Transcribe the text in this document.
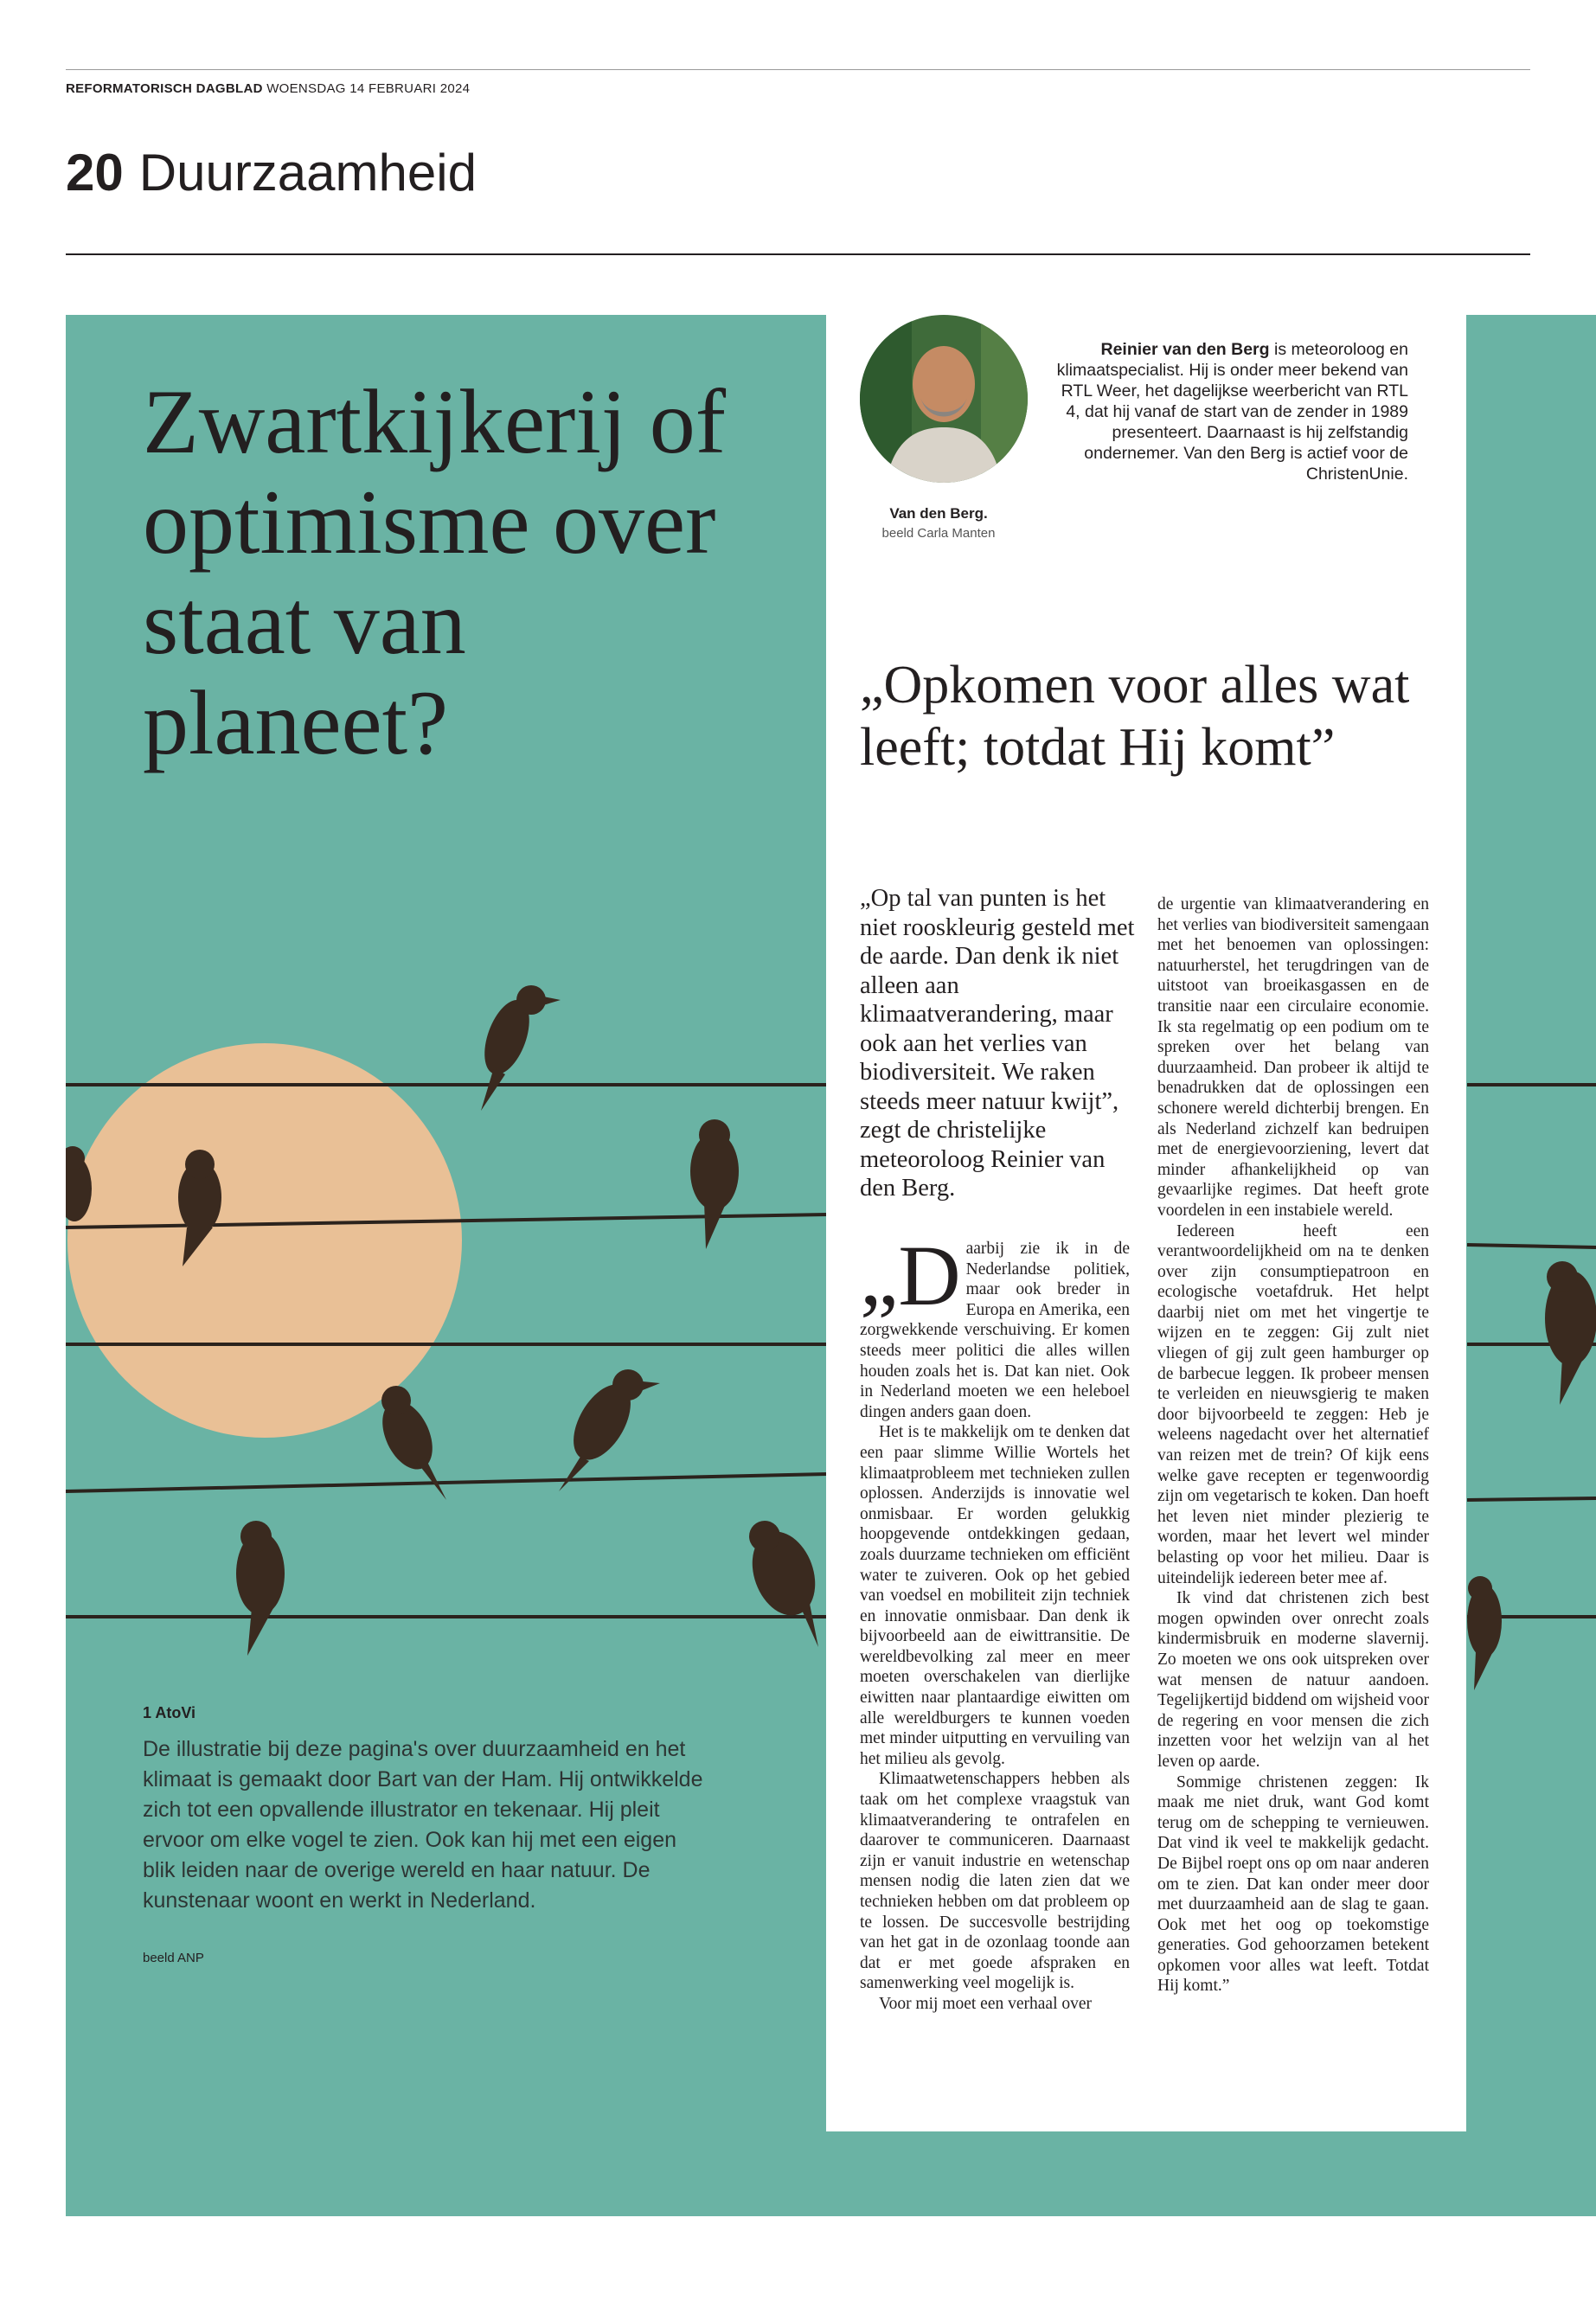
REFORMATORISCH DAGBLAD WOENSDAG 14 FEBRUARI 2024
20 Duurzaamheid
Zwartkijkerij of optimisme over staat van planeet?
1 AtoVi
De illustratie bij deze pagina's over duurzaamheid en het klimaat is gemaakt door Bart van der Ham. Hij ontwikkelde zich tot een opvallende illustrator en tekenaar. Hij pleit ervoor om elke vogel te zien. Ook kan hij met een eigen blik leiden naar de overige wereld en haar natuur. De kunstenaar woont en werkt in Nederland.
beeld ANP
Reinier van den Berg is meteoroloog en klimaatspecialist. Hij is onder meer bekend van RTL Weer, het dagelijkse weerbericht van RTL 4, dat hij vanaf de start van de zender in 1989 presenteert. Daarnaast is hij zelfstandig ondernemer. Van den Berg is actief voor de ChristenUnie.
Van den Berg.
beeld Carla Manten
„Opkomen voor alles wat leeft; totdat Hij komt”
„Op tal van punten is het niet rooskleurig gesteld met de aarde. Dan denk ik niet alleen aan klimaatverandering, maar ook aan het verlies van biodiversiteit. We raken steeds meer natuur kwijt”, zegt de christelijke meteoroloog Reinier van den Berg.

„Daarbij zie ik in de Nederlandse politiek, maar ook breder in Europa en Amerika, een zorgwekkende verschuiving. Er komen steeds meer politici die alles willen houden zoals het is. Dat kan niet. Ook in Nederland moeten we een heleboel dingen anders gaan doen.

Het is te makkelijk om te denken dat een paar slimme Willie Wortels het klimaatprobleem met technieken zullen oplossen. Anderzijds is innovatie wel onmisbaar. Er worden gelukkig hoopgevende ontdekkingen gedaan, zoals duurzame technieken om efficiënt water te zuiveren. Ook op het gebied van voedsel en mobiliteit zijn techniek en innovatie onmisbaar. Dan denk ik bijvoorbeeld aan de eiwittransitie. De wereldbevolking zal meer en meer moeten overschakelen van dierlijke eiwitten naar plantaardige eiwitten om alle wereldburgers te kunnen voeden met minder uitputting en vervuiling van het milieu als gevolg.

Klimaatwetenschappers hebben als taak om het complexe vraagstuk van klimaatverandering te ontrafelen en daarover te communiceren. Daarnaast zijn er vanuit industrie en wetenschap mensen nodig die laten zien dat we technieken hebben om dat probleem op te lossen. De succesvolle bestrijding van het gat in de ozonlaag toonde aan dat er met goede afspraken en samenwerking veel mogelijk is.

Voor mij moet een verhaal over

de urgentie van klimaatverandering en het verlies van biodiversiteit samengaan met het benoemen van oplossingen: natuurherstel, het terugdringen van de uitstoot van broeikasgassen en de transitie naar een circulaire economie. Ik sta regelmatig op een podium om te spreken over het belang van duurzaamheid. Dan probeer ik altijd te benadrukken dat de oplossingen een schonere wereld dichterbij brengen. En als Nederland zichzelf kan bedruipen met de energievoorziening, levert dat minder afhankelijkheid op van gevaarlijke regimes. Dat heeft grote voordelen in een instabiele wereld.

Iedereen heeft een verantwoordelijkheid om na te denken over zijn consumptiepatroon en ecologische voetafdruk. Het helpt daarbij niet om met het vingertje te wijzen en te zeggen: Gij zult niet vliegen of gij zult geen hamburger op de barbecue leggen. Ik probeer mensen te verleiden en nieuwsgierig te maken door bijvoorbeeld te zeggen: Heb je weleens nagedacht over het alternatief van reizen met de trein? Of kijk eens welke gave recepten er tegenwoordig zijn om vegetarisch te koken. Dan hoeft het leven niet minder plezierig te worden, maar het levert wel minder belasting op voor het milieu. Daar is uiteindelijk iedereen beter mee af.

Ik vind dat christenen zich best mogen opwinden over onrecht zoals kindermisbruik en moderne slavernij. Zo moeten we ons ook uitspreken over wat mensen de natuur aandoen. Tegelijkertijd biddend om wijsheid voor de regering en voor mensen die zich inzetten voor het welzijn van al het leven op aarde.

Sommige christenen zeggen: Ik maak me niet druk, want God komt terug om de schepping te vernieuwen. Dat vind ik veel te makkelijk gedacht. De Bijbel roept ons op om naar anderen om te zien. Dat kan onder meer door met duurzaamheid aan de slag te gaan. Ook met het oog op toekomstige generaties. God gehoorzamen betekent opkomen voor alles wat leeft. Totdat Hij komt.”
